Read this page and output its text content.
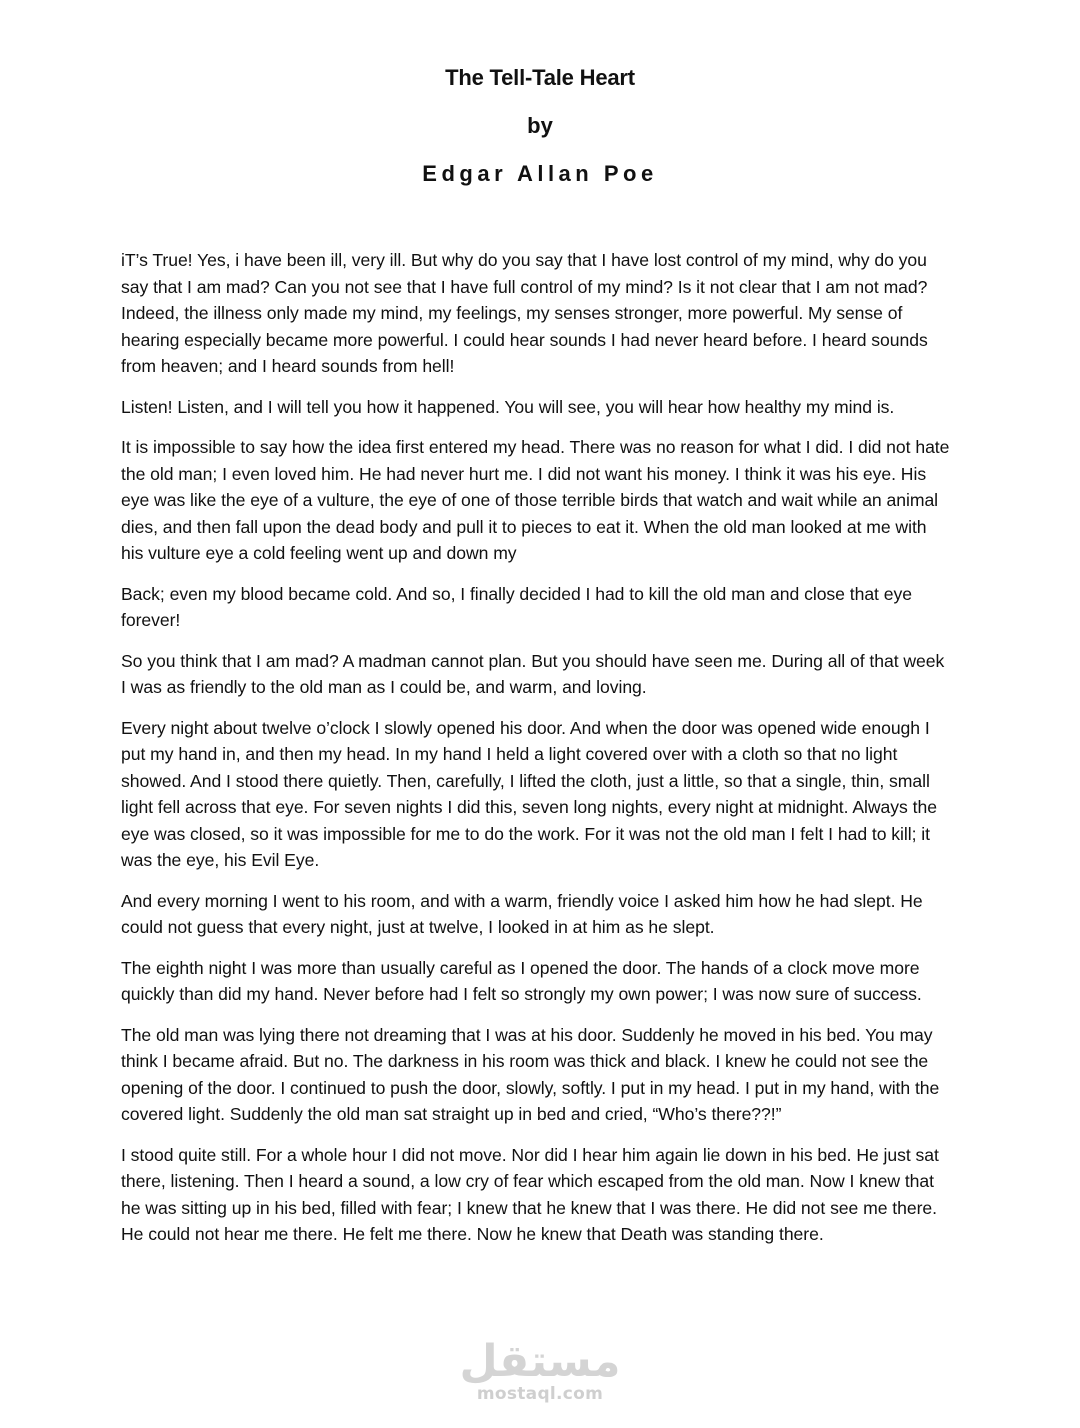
The Tell-Tale Heart
by
Edgar Allan Poe

iT’s True! Yes, i have been ill, very ill. But why do you say that I have lost control of my mind, why do you say that I am mad? Can you not see that I have full control of my mind? Is it not clear that I am not mad? Indeed, the illness only made my mind, my feelings, my senses stronger, more powerful. My sense of hearing especially became more powerful. I could hear sounds I had never heard before. I heard sounds from heaven; and I heard sounds from hell!

Listen! Listen, and I will tell you how it happened. You will see, you will hear how healthy my mind is.

It is impossible to say how the idea first entered my head. There was no reason for what I did. I did not hate the old man; I even loved him. He had never hurt me. I did not want his money. I think it was his eye. His eye was like the eye of a vulture, the eye of one of those terrible birds that watch and wait while an animal dies, and then fall upon the dead body and pull it to pieces to eat it. When the old man looked at me with his vulture eye a cold feeling went up and down my

Back; even my blood became cold. And so, I finally decided I had to kill the old man and close that eye forever!

So you think that I am mad? A madman cannot plan. But you should have seen me. During all of that week I was as friendly to the old man as I could be, and warm, and loving.

Every night about twelve o’clock I slowly opened his door. And when the door was opened wide enough I put my hand in, and then my head. In my hand I held a light covered over with a cloth so that no light showed. And I stood there quietly. Then, carefully, I lifted the cloth, just a little, so that a single, thin, small light fell across that eye. For seven nights I did this, seven long nights, every night at midnight. Always the eye was closed, so it was impossible for me to do the work. For it was not the old man I felt I had to kill; it was the eye, his Evil Eye.

And every morning I went to his room, and with a warm, friendly voice I asked him how he had slept. He could not guess that every night, just at twelve, I looked in at him as he slept.

The eighth night I was more than usually careful as I opened the door. The hands of a clock move more quickly than did my hand. Never before had I felt so strongly my own power; I was now sure of success.

The old man was lying there not dreaming that I was at his door. Suddenly he moved in his bed. You may think I became afraid. But no. The darkness in his room was thick and black. I knew he could not see the opening of the door. I continued to push the door, slowly, softly. I put in my head. I put in my hand, with the covered light. Suddenly the old man sat straight up in bed and cried, “Who’s there??!”

I stood quite still. For a whole hour I did not move. Nor did I hear him again lie down in his bed. He just sat there, listening. Then I heard a sound, a low cry of fear which escaped from the old man. Now I knew that he was sitting up in his bed, filled with fear; I knew that he knew that I was there. He did not see me there. He could not hear me there. He felt me there. Now he knew that Death was standing there.

مستقل
mostaql.com
